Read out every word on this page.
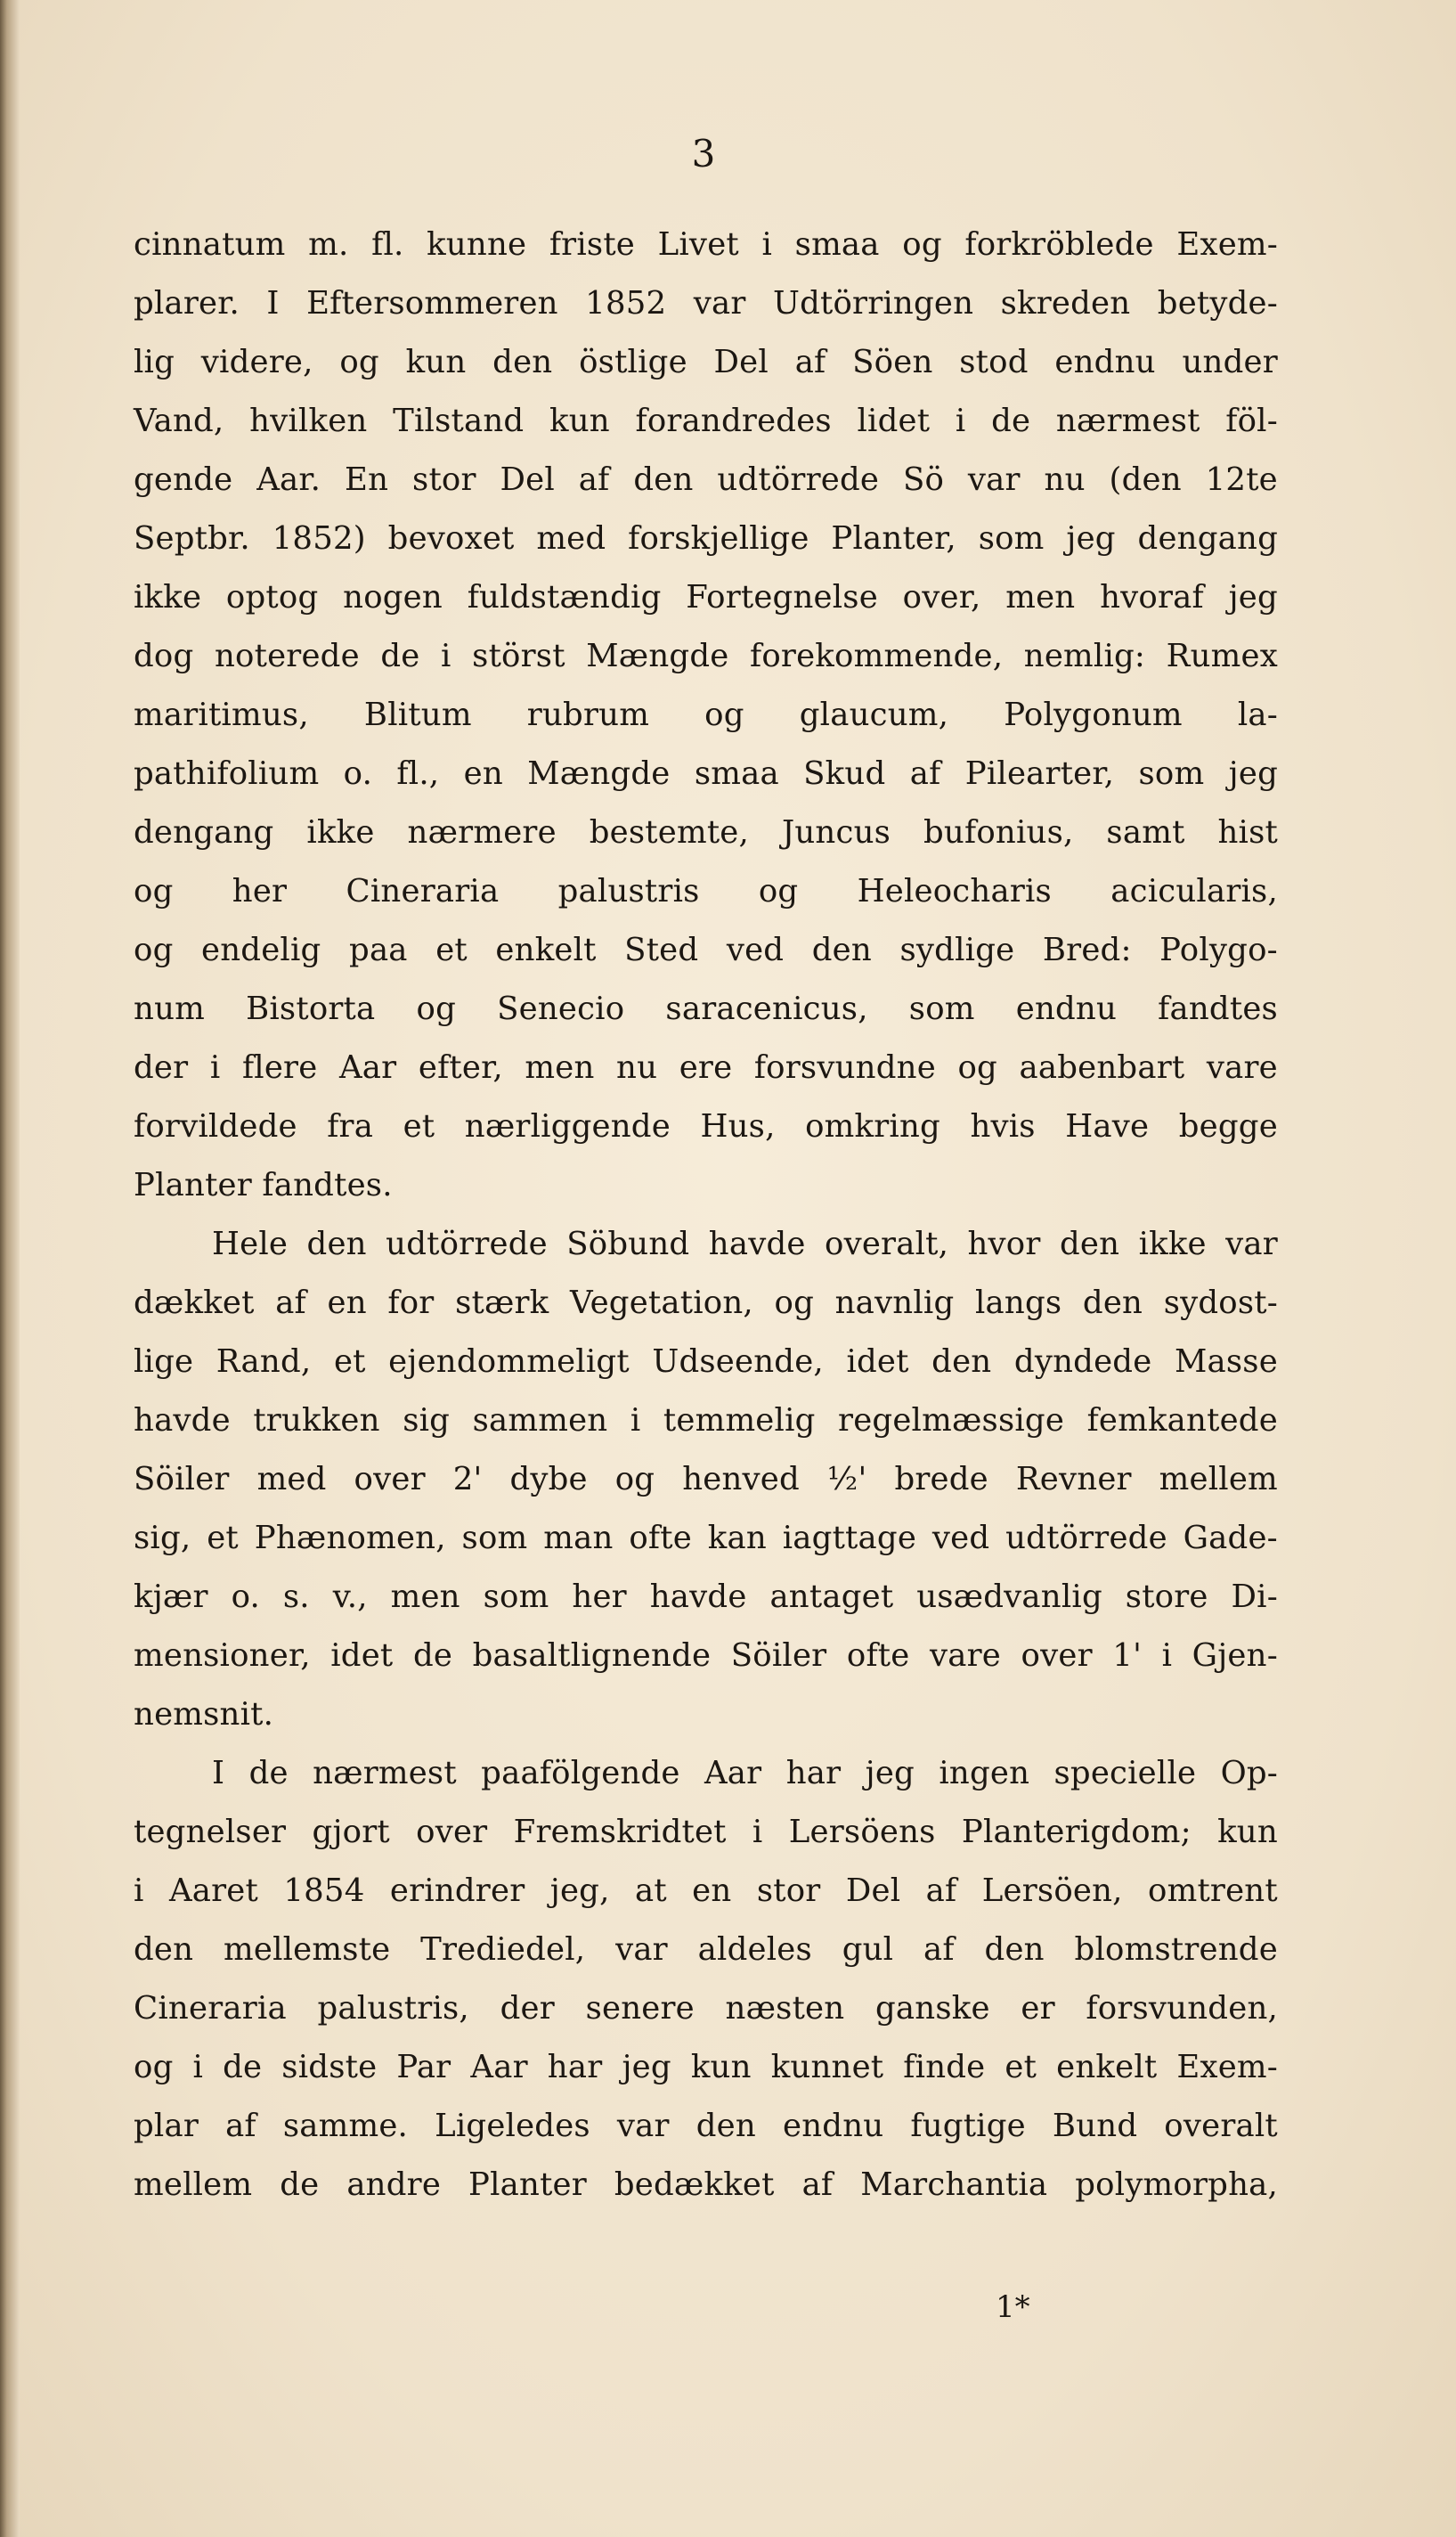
3
cinnatum m. fl. kunne friste Livet i smaa og forkröblede Exem-
plarer. I Eftersommeren 1852 var Udtörringen skreden betyde-
lig videre, og kun den östlige Del af Söen stod endnu under
Vand, hvilken Tilstand kun forandredes lidet i de nærmest föl-
gende Aar. En stor Del af den udtörrede Sö var nu (den 12te
Septbr. 1852) bevoxet med forskjellige Planter, som jeg dengang
ikke optog nogen fuldstændig Fortegnelse over, men hvoraf jeg
dog noterede de i störst Mængde forekommende, nemlig: Rumex
maritimus, Blitum rubrum og glaucum, Polygonum la-
pathifolium o. fl., en Mængde smaa Skud af Pilearter, som jeg
dengang ikke nærmere bestemte, Juncus bufonius, samt hist
og her Cineraria palustris og Heleocharis acicularis,
og endelig paa et enkelt Sted ved den sydlige Bred: Polygo-
num Bistorta og Senecio saracenicus, som endnu fandtes
der i flere Aar efter, men nu ere forsvundne og aabenbart vare
forvildede fra et nærliggende Hus, omkring hvis Have begge
Planter fandtes.
Hele den udtörrede Söbund havde overalt, hvor den ikke var
dækket af en for stærk Vegetation, og navnlig langs den sydost-
lige Rand, et ejendommeligt Udseende, idet den dyndede Masse
havde trukken sig sammen i temmelig regelmæssige femkantede
Söiler med over 2' dybe og henved ½' brede Revner mellem
sig, et Phænomen, som man ofte kan iagttage ved udtörrede Gade-
kjær o. s. v., men som her havde antaget usædvanlig store Di-
mensioner, idet de basaltlignende Söiler ofte vare over 1' i Gjen-
nemsnit.
I de nærmest paafölgende Aar har jeg ingen specielle Op-
tegnelser gjort over Fremskridtet i Lersöens Planterigdom; kun
i Aaret 1854 erindrer jeg, at en stor Del af Lersöen, omtrent
den mellemste Trediedel, var aldeles gul af den blomstrende
Cineraria palustris, der senere næsten ganske er forsvunden,
og i de sidste Par Aar har jeg kun kunnet finde et enkelt Exem-
plar af samme. Ligeledes var den endnu fugtige Bund overalt
mellem de andre Planter bedækket af Marchantia polymorpha,
1*
